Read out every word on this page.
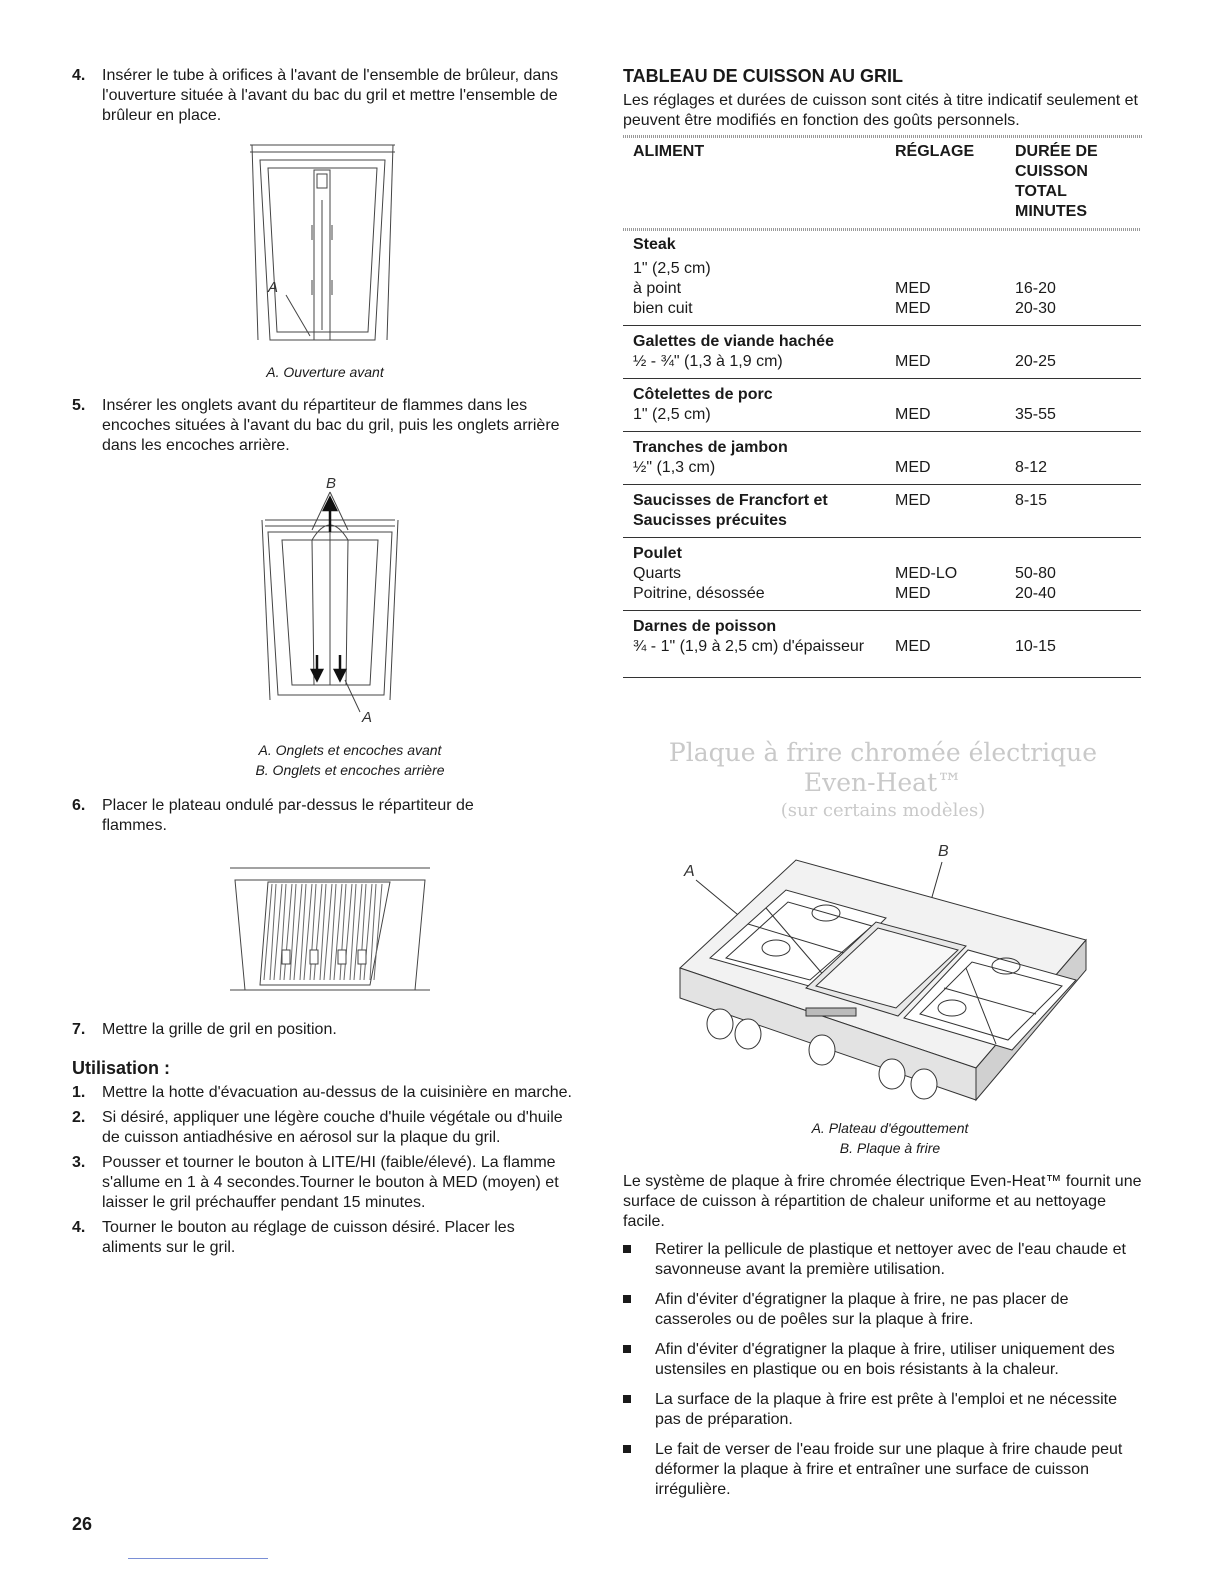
4. Insérer le tube à orifices à l'avant de l'ensemble de brûleur, dans l'ouverture située à l'avant du bac du gril et mettre l'ensemble de brûleur en place.

A
A. Ouverture avant

5. Insérer les onglets avant du répartiteur de flammes dans les encoches situées à l'avant du bac du gril, puis les onglets arrière dans les encoches arrière.

B
A
A. Onglets et encoches avant
B. Onglets et encoches arrière

6. Placer le plateau ondulé par-dessus le répartiteur de flammes.

7. Mettre la grille de gril en position.

Utilisation :

1. Mettre la hotte d'évacuation au-dessus de la cuisinière en marche.

2. Si désiré, appliquer une légère couche d'huile végétale ou d'huile de cuisson antiadhésive en aérosol sur la plaque du gril.

3. Pousser et tourner le bouton à LITE/HI (faible/élevé). La flamme s'allume en 1 à 4 secondes.Tourner le bouton à MED (moyen) et laisser le gril préchauffer pendant 15 minutes.

4. Tourner le bouton au réglage de cuisson désiré. Placer les aliments sur le gril.

TABLEAU DE CUISSON AU GRIL

Les réglages et durées de cuisson sont cités à titre indicatif seulement et peuvent être modifiés en fonction des goûts personnels.

ALIMENT	RÉGLAGE	DURÉE DE CUISSON TOTAL MINUTES

Steak		

1" (2,5 cm)		
à point	MED	16-20
bien cuit	MED	20-30

Galettes de viande hachée		
½ - ¾" (1,3 à 1,9 cm)	MED	20-25

Côtelettes de porc		
1" (2,5 cm)	MED	35-55

Tranches de jambon		
½" (1,3 cm)	MED	8-12

Saucisses de Francfort et Saucisses précuites	MED	8-15

Poulet		
Quarts	MED-LO	50-80
Poitrine, désossée	MED	20-40

Darnes de poisson		
¾ - 1" (1,9 à 2,5 cm) d'épaisseur	MED	10-15

Plaque à frire chromée électrique
Even-Heat™
(sur certains modèles)
A
B
A. Plateau d'égouttement
B. Plaque à frire

Le système de plaque à frire chromée électrique Even-Heat™ fournit une surface de cuisson à répartition de chaleur uniforme et au nettoyage facile.

Retirer la pellicule de plastique et nettoyer avec de l'eau chaude et savonneuse avant la première utilisation.

Afin d'éviter d'égratigner la plaque à frire, ne pas placer de casseroles ou de poêles sur la plaque à frire.

Afin d'éviter d'égratigner la plaque à frire, utiliser uniquement des ustensiles en plastique ou en bois résistants à la chaleur.

La surface de la plaque à frire est prête à l'emploi et ne nécessite pas de préparation.

Le fait de verser de l'eau froide sur une plaque à frire chaude peut déformer la plaque à frire et entraîner une surface de cuisson irrégulière.

26
